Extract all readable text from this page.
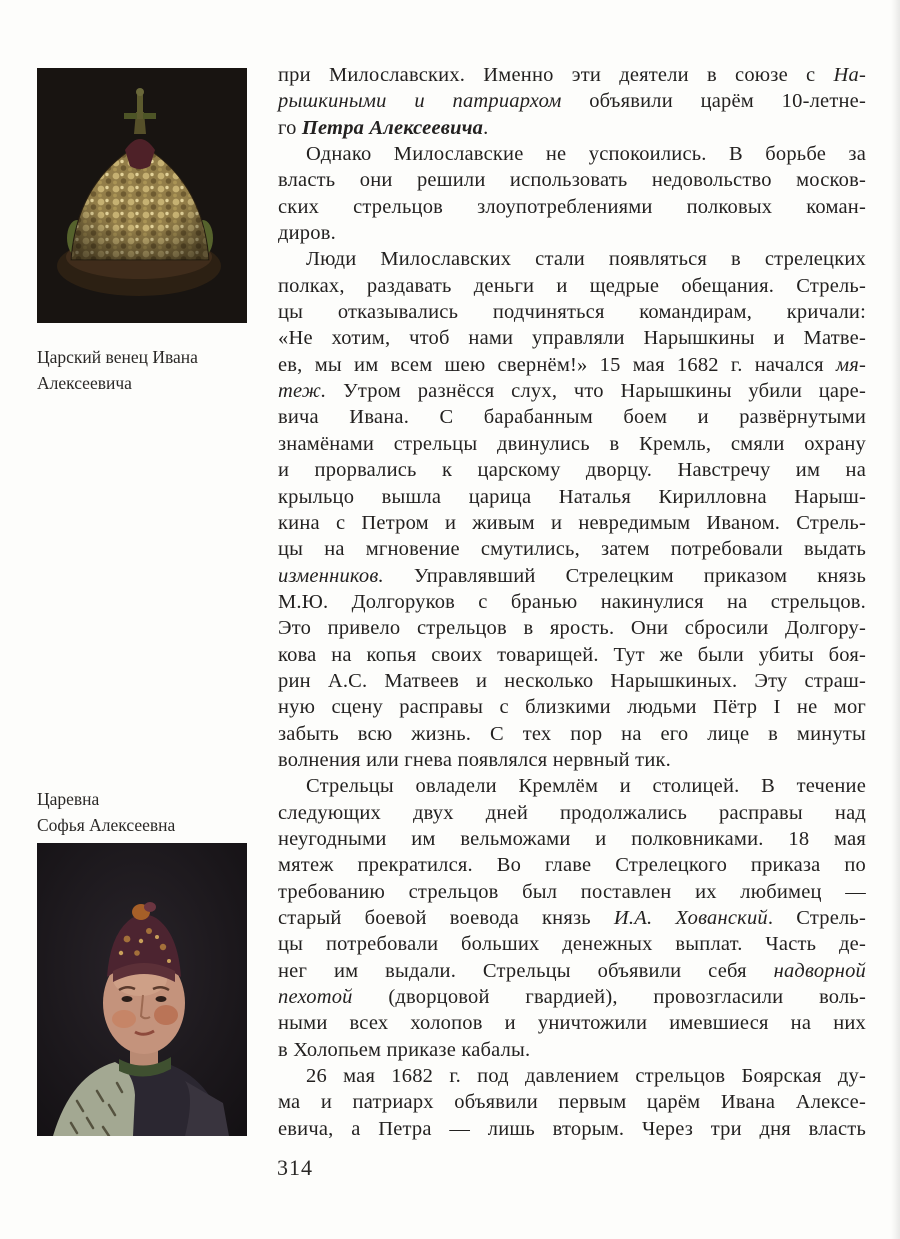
Царский венец Ивана
Алексеевича
Царевна
Софья Алексеевна
при Милославских. Именно эти деятели в союзе с На-
рышкиными и патриархом объявили царём 10-летне-
го Петра Алексеевича.
Однако Милославские не успокоились. В борьбе за
власть они решили использовать недовольство москов-
ских стрельцов злоупотреблениями полковых коман-
диров.
Люди Милославских стали появляться в стрелецких
полках, раздавать деньги и щедрые обещания. Стрель-
цы отказывались подчиняться командирам, кричали:
«Не хотим, чтоб нами управляли Нарышкины и Матве-
ев, мы им всем шею свернём!» 15 мая 1682 г. начался мя-
теж. Утром разнёсся слух, что Нарышкины убили царе-
вича Ивана. С барабанным боем и развёрнутыми
знамёнами стрельцы двинулись в Кремль, смяли охрану
и прорвались к царскому дворцу. Навстречу им на
крыльцо вышла царица Наталья Кирилловна Нарыш-
кина с Петром и живым и невредимым Иваном. Стрель-
цы на мгновение смутились, затем потребовали выдать
изменников. Управлявший Стрелецким приказом князь
М.Ю. Долгоруков с бранью накинулися на стрельцов.
Это привело стрельцов в ярость. Они сбросили Долгору-
кова на копья своих товарищей. Тут же были убиты боя-
рин А.С. Матвеев и несколько Нарышкиных. Эту страш-
ную сцену расправы с близкими людьми Пётр I не мог
забыть всю жизнь. С тех пор на его лице в минуты
волнения или гнева появлялся нервный тик.
Стрельцы овладели Кремлём и столицей. В течение
следующих двух дней продолжались расправы над
неугодными им вельможами и полковниками. 18 мая
мятеж прекратился. Во главе Стрелецкого приказа по
требованию стрельцов был поставлен их любимец —
старый боевой воевода князь И.А. Хованский. Стрель-
цы потребовали больших денежных выплат. Часть де-
нег им выдали. Стрельцы объявили себя надворной
пехотой (дворцовой гвардией), провозгласили воль-
ными всех холопов и уничтожили имевшиеся на них
в Холопьем приказе кабалы.
26 мая 1682 г. под давлением стрельцов Боярская ду-
ма и патриарх объявили первым царём Ивана Алексе-
евича, а Петра — лишь вторым. Через три дня власть
314
